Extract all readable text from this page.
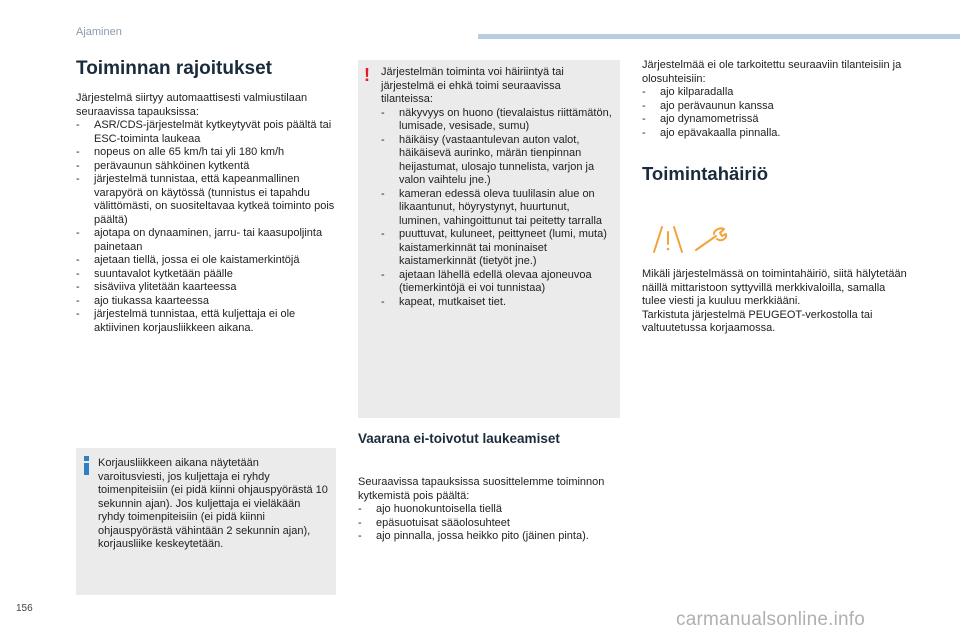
Ajaminen
Toiminnan rajoitukset
Järjestelmä siirtyy automaattisesti valmiustilaan seuraavissa tapauksissa:
- ASR/CDS-järjestelmät kytkeytyvät pois päältä tai ESC-toiminta laukeaa
- nopeus on alle 65 km/h tai yli 180 km/h
- perävaunun sähköinen kytkentä
- järjestelmä tunnistaa, että kapeanmallinen varapyörä on käytössä (tunnistus ei tapahdu välittömästi, on suositeltavaa kytkeä toiminto pois päältä)
- ajotapa on dynaaminen, jarru- tai kaasupoljinta painetaan
- ajetaan tiellä, jossa ei ole kaistamerkintöjä
- suuntavalot kytketään päälle
- sisäviiva ylitetään kaarteessa
- ajo tiukassa kaarteessa
- järjestelmä tunnistaa, että kuljettaja ei ole aktiivinen korjausliikkeen aikana.
Korjausliikkeen aikana näytetään varoitusviesti, jos kuljettaja ei ryhdy toimenpiteisiin (ei pidä kiinni ohjauspyörästä 10 sekunnin ajan). Jos kuljettaja ei vieläkään ryhdy toimenpiteisiin (ei pidä kiinni ohjauspyörästä vähintään 2 sekunnin ajan), korjausliike keskeytetään.
! Järjestelmän toiminta voi häiriintyä tai järjestelmä ei ehkä toimi seuraavissa tilanteissa:
- näkyvyys on huono (tievalaistus riittämätön, lumisade, vesisade, sumu)
- häikäisy (vastaantulevan auton valot, häikäisevä aurinko, märän tienpinnan heijastumat, ulosajo tunnelista, varjon ja valon vaihtelu jne.)
- kameran edessä oleva tuulilasin alue on likaantunut, höyrystynyt, huurtunut, luminen, vahingoittunut tai peitetty tarralla
- puuttuvat, kuluneet, peittyneet (lumi, muta) kaistamerkinnät tai moninaiset kaistamerkinnät (tietyöt jne.)
- ajetaan lähellä edellä olevaa ajoneuvoa (tiemerkintöjä ei voi tunnistaa)
- kapeat, mutkaiset tiet.
Vaarana ei-toivotut laukeamiset
Seuraavissa tapauksissa suosittelemme toiminnon kytkemistä pois päältä:
- ajo huonokuntoisella tiellä
- epäsuotuisat sääolosuhteet
- ajo pinnalla, jossa heikko pito (jäinen pinta).
Järjestelmää ei ole tarkoitettu seuraaviin tilanteisiin ja olosuhteisiin:
- ajo kilparadalla
- ajo perävaunun kanssa
- ajo dynamometrissä
- ajo epävakaalla pinnalla.
Toimintahäiriö
Mikäli järjestelmässä on toimintahäiriö, siitä hälytetään näillä mittaristoon syttyvillä merkkivaloilla, samalla tulee viesti ja kuuluu merkkiääni.
Tarkistuta järjestelmä PEUGEOT-verkostolla tai valtuutetussa korjaamossa.
156
carmanualsonline.info
